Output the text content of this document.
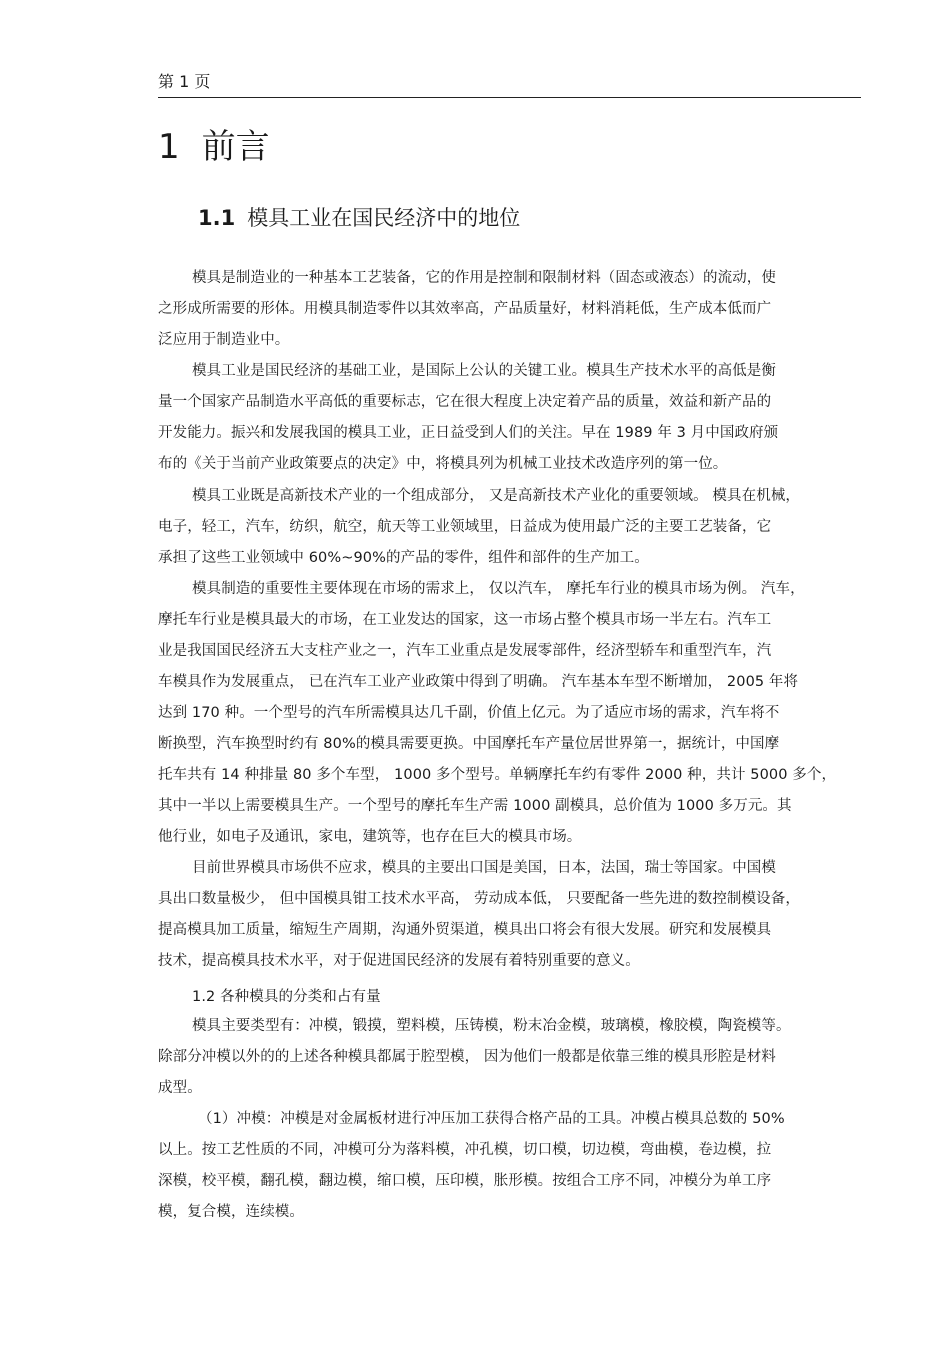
第 1 页
1 前言
1.1 模具工业在国民经济中的地位
模具是制造业的一种基本工艺装备，它的作用是控制和限制材料（固态或液态）的流动，使
之形成所需要的形体。用模具制造零件以其效率高，产品质量好，材料消耗低，生产成本低而广
泛应用于制造业中。
模具工业是国民经济的基础工业，是国际上公认的关键工业。模具生产技术水平的高低是衡
量一个国家产品制造水平高低的重要标志，它在很大程度上决定着产品的质量，效益和新产品的
开发能力。振兴和发展我国的模具工业，正日益受到人们的关注。早在 1989 年 3 月中国政府颁
布的《关于当前产业政策要点的决定》中，将模具列为机械工业技术改造序列的第一位。
模具工业既是高新技术产业的一个组成部分， 又是高新技术产业化的重要领域。 模具在机械，
电子，轻工，汽车，纺织，航空，航天等工业领域里，日益成为使用最广泛的主要工艺装备，它
承担了这些工业领域中 60%~90%的产品的零件，组件和部件的生产加工。
模具制造的重要性主要体现在市场的需求上， 仅以汽车， 摩托车行业的模具市场为例。 汽车，
摩托车行业是模具最大的市场，在工业发达的国家，这一市场占整个模具市场一半左右。汽车工
业是我国国民经济五大支柱产业之一，汽车工业重点是发展零部件，经济型轿车和重型汽车，汽
车模具作为发展重点， 已在汽车工业产业政策中得到了明确。 汽车基本车型不断增加， 2005 年将
达到 170 种。一个型号的汽车所需模具达几千副，价值上亿元。为了适应市场的需求，汽车将不
断换型，汽车换型时约有 80%的模具需要更换。中国摩托车产量位居世界第一，据统计，中国摩
托车共有 14 种排量 80 多个车型， 1000 多个型号。单辆摩托车约有零件 2000 种，共计 5000 多个，
其中一半以上需要模具生产。一个型号的摩托车生产需 1000 副模具，总价值为 1000 多万元。其
他行业，如电子及通讯，家电，建筑等，也存在巨大的模具市场。
目前世界模具市场供不应求，模具的主要出口国是美国，日本，法国，瑞士等国家。中国模
具出口数量极少， 但中国模具钳工技术水平高， 劳动成本低， 只要配备一些先进的数控制模设备，
提高模具加工质量，缩短生产周期，沟通外贸渠道，模具出口将会有很大发展。研究和发展模具
技术，提高模具技术水平，对于促进国民经济的发展有着特别重要的意义。
1.2 各种模具的分类和占有量
模具主要类型有：冲模，锻摸，塑料模，压铸模，粉末冶金模，玻璃模，橡胶模，陶瓷模等。
除部分冲模以外的的上述各种模具都属于腔型模， 因为他们一般都是依靠三维的模具形腔是材料
成型。
（1）冲模：冲模是对金属板材进行冲压加工获得合格产品的工具。冲模占模具总数的 50%
以上。按工艺性质的不同，冲模可分为落料模，冲孔模，切口模，切边模，弯曲模，卷边模，拉
深模，校平模，翻孔模，翻边模，缩口模，压印模，胀形模。按组合工序不同，冲模分为单工序
模，复合模，连续模。
